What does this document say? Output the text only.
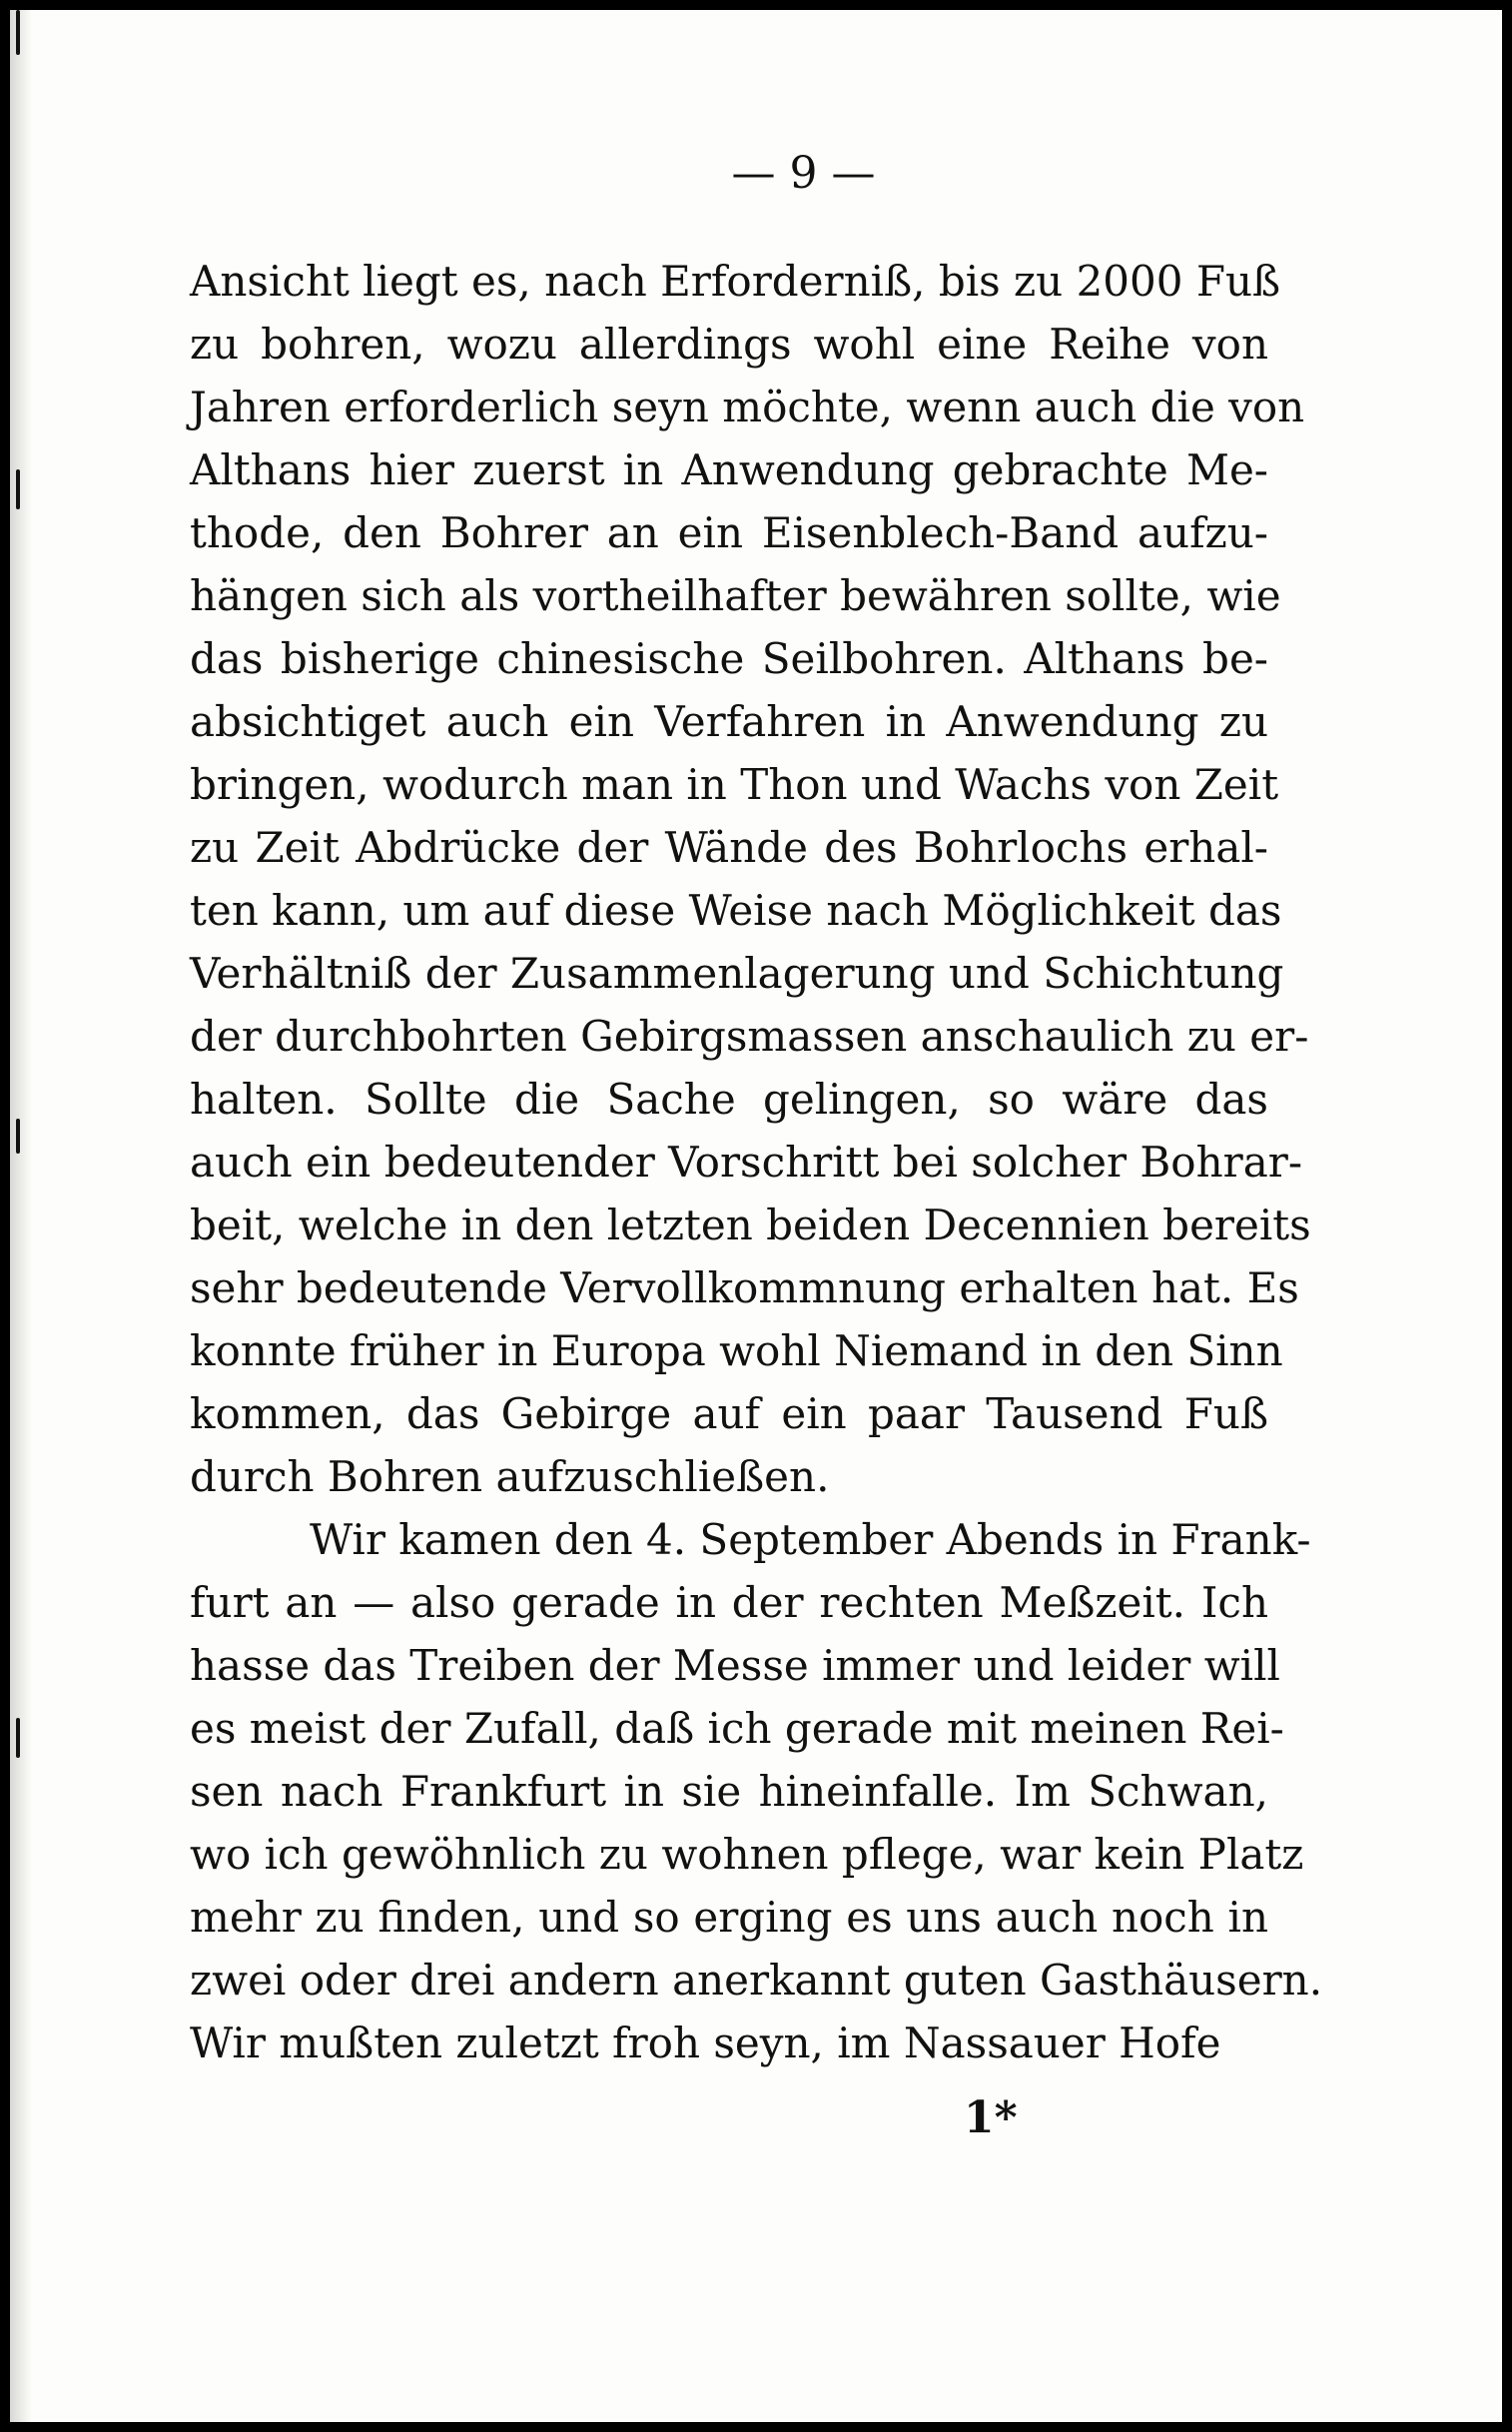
— 9 —
Ansicht liegt es, nach Erforderniß, bis zu 2000 Fuß
zu bohren, wozu allerdings wohl eine Reihe von
Jahren erforderlich seyn möchte, wenn auch die von
Althans hier zuerst in Anwendung gebrachte Me-
thode, den Bohrer an ein Eisenblech-Band aufzu-
hängen sich als vortheilhafter bewähren sollte, wie
das bisherige chinesische Seilbohren. Althans be-
absichtiget auch ein Verfahren in Anwendung zu
bringen, wodurch man in Thon und Wachs von Zeit
zu Zeit Abdrücke der Wände des Bohrlochs erhal-
ten kann, um auf diese Weise nach Möglichkeit das
Verhältniß der Zusammenlagerung und Schichtung
der durchbohrten Gebirgsmassen anschaulich zu er-
halten. Sollte die Sache gelingen, so wäre das
auch ein bedeutender Vorschritt bei solcher Bohrar-
beit, welche in den letzten beiden Decennien bereits
sehr bedeutende Vervollkommnung erhalten hat. Es
konnte früher in Europa wohl Niemand in den Sinn
kommen, das Gebirge auf ein paar Tausend Fuß
durch Bohren aufzuschließen.
Wir kamen den 4. September Abends in Frank-
furt an — also gerade in der rechten Meßzeit. Ich
hasse das Treiben der Messe immer und leider will
es meist der Zufall, daß ich gerade mit meinen Rei-
sen nach Frankfurt in sie hineinfalle. Im Schwan,
wo ich gewöhnlich zu wohnen pflege, war kein Platz
mehr zu finden, und so erging es uns auch noch in
zwei oder drei andern anerkannt guten Gasthäusern.
Wir mußten zuletzt froh seyn, im Nassauer Hofe
1*
